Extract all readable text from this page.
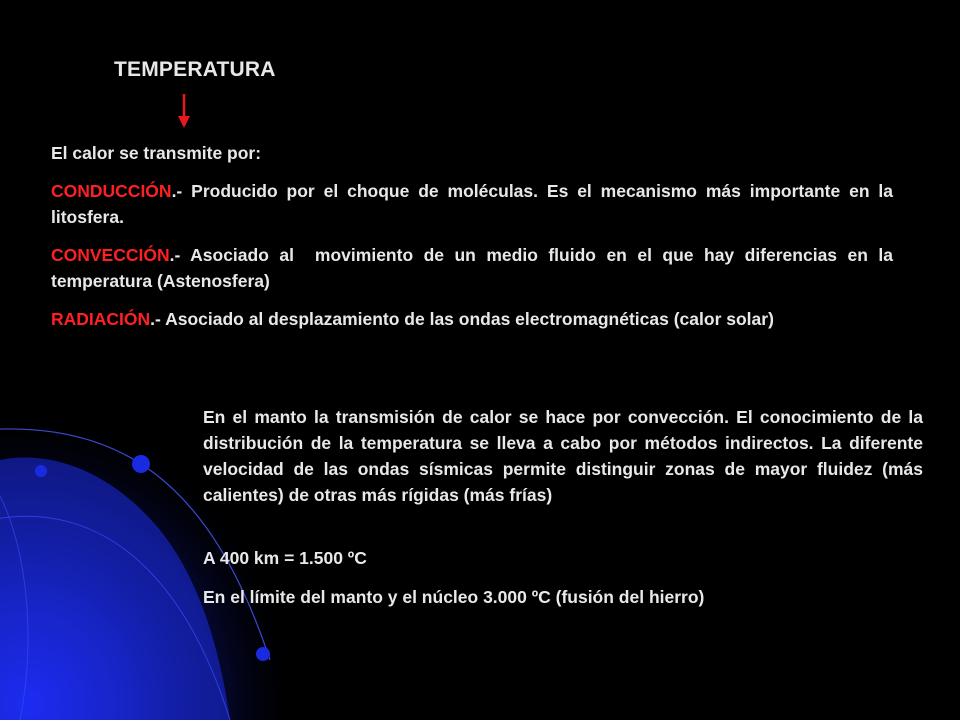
TEMPERATURA

El calor se transmite por:

CONDUCCIÓN.- Producido por el choque de moléculas. Es el mecanismo más importante en la litosfera.

CONVECCIÓN.- Asociado al  movimiento de un medio fluido en el que hay diferencias en la temperatura (Astenosfera)

RADIACIÓN.- Asociado al desplazamiento de las ondas electromagnéticas (calor solar)

En el manto la transmisión de calor se hace por convección. El conocimiento de la distribución de la temperatura se lleva a cabo por métodos indirectos. La diferente velocidad de las ondas sísmicas permite distinguir zonas de mayor fluidez (más calientes) de otras más rígidas (más frías)

A 400 km = 1.500 ºC

En el límite del manto y el núcleo 3.000 ºC (fusión del hierro)
